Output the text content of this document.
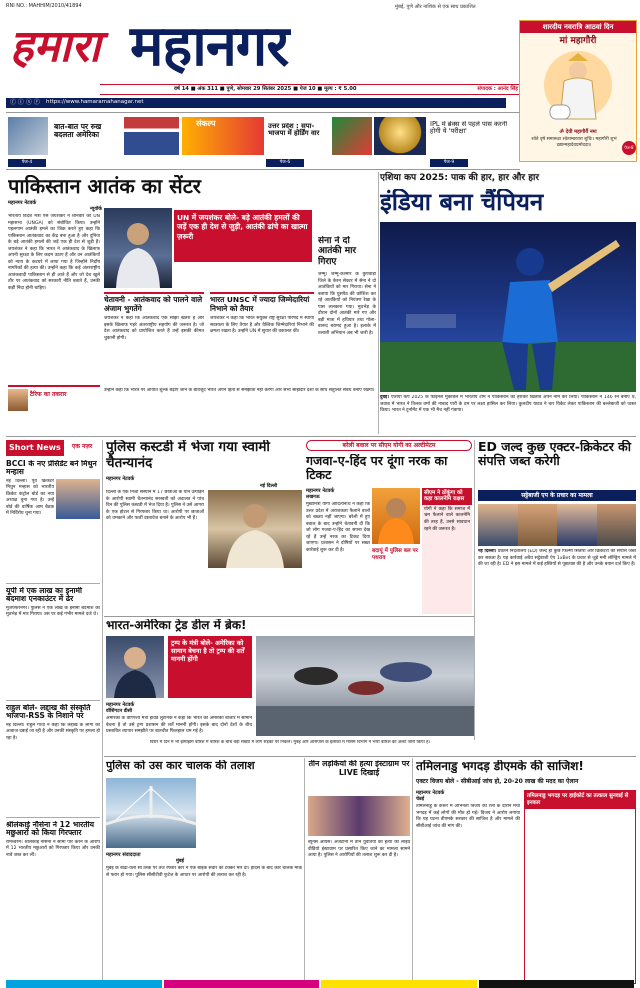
RNI NO.: MAHHIM/2010/41894	मुंबई, पुणे और नाशिक से एक साथ प्रकाशित
हमारा महानगर
वर्ष 14 ■ अंक 311 ■ पुणे, सोमवार 29 सितंबर 2025 ■ पेज 10 ■ मूल्य : ₹ 5.00	संपादक : आनंद सिंह
ⓕ Ⓘ ⓧ ⓨ https://www.hamaramahanagar.net
शारदीय नवरात्रि आठवां दिन
मां महागौरी
ॐ देवी महागौर्यै नमः
श्वेते वृषे समारूढा श्वेताम्बरधरा शुचिः। महागौरी शुभं दद्यान्महादेवप्रमोददा॥	पेज-8
बात-बात पर रुख बदलता अमेरिका
पेज-4
संकल्प	उत्तर प्रदेश : सपा-भाजपा में होर्डिंग वार
पेज-6
IPL में ब्रेक्स से पहले पास करनी होगी ये 'परीक्षा'
पेज-9
पाकिस्तान आतंक का सेंटर
महानगर नेटवर्क
न्यूयॉर्क
भारतीय विदेश मंत्री एस जयशंकर ने शनिवार को UN महासभा (UNGA) को संबोधित किया। उन्होंने पहलगाम आतंकी हमले का जिक्र करते हुए कहा कि पाकिस्तान आतंकवाद का केंद्र बना हुआ है और दुनिया के बड़े आतंकी हमलों की जड़ें एक ही देश से जुड़ी हैं। जयशंकर ने कहा कि भारत ने आतंकवाद के खिलाफ अपनी सुरक्षा के लिए कदम उठाए हैं और उन आतंकियों को न्याय के कटघरे में लाया गया है जिन्होंने निर्दोष नागरिकों की हत्या की। उन्होंने कहा कि कई अंतरराष्ट्रीय आतंकवादी पाकिस्तान से ही आते हैं और जो देश खुले तौर पर आतंकवाद को सरकारी नीति बताते हैं, उनकी कड़ी निंदा होनी चाहिए।
UN में जयशंकर बोले- बड़े आतंकी हमलों की जड़ें एक ही देश से जुड़ी, आतंकी ढांचे का खात्मा ज़रूरी	सेना ने दो आतंकी मार गिराए
जम्मू। जम्मू-कश्मीर के कुपवाड़ा जिले के केरन सेक्टर में सेना ने दो आतंकियों को मार गिराया। सेना ने बताया कि घुसपैठ की कोशिश कर रहे आतंकियों को नियंत्रण रेखा के पास ललकारा गया। मुठभेड़ के दौरान दोनों आतंकी मारे गए और बड़ी मात्रा में हथियार तथा गोला-बारूद बरामद हुआ है। इलाके में तलाशी अभियान अब भी जारी है।
चेतावनी - आतंकवाद को पालने वाले अंजाम भुगतेंगे
जयशंकर ने कहा कि आतंकवाद एक साझा खतरा है और इसके खिलाफ गहरे अंतरराष्ट्रीय सहयोग की जरूरत है। जो देश आतंकवाद को प्रायोजित करते हैं उन्हें इसकी कीमत चुकानी होगी।
भारत UNSC में ज्यादा जिम्मेदारियां निभाने को तैयार
जयशंकर ने कहा कि भारत संयुक्त राष्ट्र सुरक्षा परिषद में स्थायी सदस्यता के लिए तैयार है और वैश्विक जिम्मेदारियां निभाने की क्षमता रखता है। उन्होंने UN में सुधार की वकालत की।
टैरिफ का तकरार
उन्होंने कहा कि भारत पर आयात शुल्क बढ़ाए जाने के बावजूद भारत अपने हितों से समझौता नहीं करेगा और सभी साझेदार देशों के साथ संतुलित संबंध बनाए रखेगा।
एशिया कप 2025: पाक की हार, हार और हार
इंडिया बना चैंपियन
दुबई। एशिया कप 2025 के फाइनल मुकाबले में भारतीय टीम ने पाकिस्तान को हराकर खिताब अपने नाम कर लिया। पाकिस्तान ने 146 रन बनाए थे, जवाब में भारत ने तिलक वर्मा की नाबाद पारी के दम पर लक्ष्य हासिल कर लिया। कुलदीप यादव ने चार विकेट लेकर पाकिस्तान की बल्लेबाजी को ध्वस्त किया। भारत ने टूर्नामेंट में एक भी मैच नहीं गंवाया।
Short News	एक नज़र
BCCI के नए प्रेसिडेंट बने मिथुन मन्हास
नई दिल्ली। पूर्व क्रिकेटर मिथुन मन्हास को भारतीय क्रिकेट कंट्रोल बोर्ड का नया अध्यक्ष चुना गया है। उन्हें बोर्ड की वार्षिक आम बैठक में निर्विरोध चुना गया।
यूपी में एक लाख का इनामी बदमाश एनकाउंटर में ढेर
मुजफ्फरनगर। पुलिस ने एक लाख के इनामी बदमाश को मुठभेड़ में मार गिराया। उस पर कई गंभीर मामले दर्ज थे।
राहुल बोले- लद्दाख की संस्कृति भाजपा-RSS के निशाने पर
नई दिल्ली। राहुल गांधी ने कहा कि लद्दाख के लोगों की आवाज दबाई जा रही है और उनकी संस्कृति पर हमला हो रहा है।
श्रीलंकाई नौसेना ने 12 भारतीय मछुआरों को किया गिरफ्तार
रामेश्वरम। श्रीलंकाई नौसेना ने सीमा पार करने के आरोप में 12 भारतीय मछुआरों को गिरफ्तार किया और उनकी नावें जब्त कर लीं।
पुलिस कस्टडी में भेजा गया स्वामी चैतन्यानंद
महानगर नेटवर्क
नई दिल्ली
दिल्ली के एक निजी संस्थान में 17 छात्राओं के यौन उत्पीड़न के आरोपी स्वामी चैतन्यानंद सरस्वती को अदालत ने पांच दिन की पुलिस कस्टडी में भेज दिया है। पुलिस ने उसे आगरा के एक होटल से गिरफ्तार किया था। आरोपी पर छात्राओं को धमकाने और फर्जी दस्तावेज बनाने के आरोप भी हैं।
बरेली बवाल पर सीएम योगी का अल्टीमेटम
गजवा-ए-हिंद पर दूंगा नरक का टिकट
महानगर नेटवर्क
लखनऊ
मुख्यमंत्री योगी आदित्यनाथ ने कहा कि उत्तर प्रदेश में अराजकता फैलाने वालों को बख्शा नहीं जाएगा। बरेली में हुए बवाल के बाद उन्होंने चेतावनी दी कि जो लोग गजवा-ए-हिंद का सपना देख रहे हैं उन्हें नरक का टिकट दिया जाएगा। प्रशासन ने दोषियों पर सख्त कार्रवाई शुरू कर दी है।
सीएम ने ठोंकूंगा को कहा कालनेमि राक्षस
योगी ने कहा कि समाज में भ्रम फैलाने वाले कालनेमि की तरह हैं, उनसे सावधान रहने की जरूरत है।
बदायूं में पुलिस बल पर पथराव
ED जल्द कुछ एक्टर-क्रिकेटर की संपत्ति जब्त करेगी
सट्टेबाजी एप के प्रचार का मामला
नई दिल्ली। प्रवर्तन निदेशालय (ED) जल्द ही कुछ फिल्मी सितारों और क्रिकेटरों की संपत्ति जब्त कर सकता है। यह कार्रवाई अवैध सट्टेबाजी ऐप 1xBet के प्रचार से जुड़े मनी लॉन्ड्रिंग मामले में की जा रही है। ED ने इस मामले में कई हस्तियों से पूछताछ की है और उनके बयान दर्ज किए हैं।
भारत-अमेरिका ट्रेड डील में ब्रेक!
ट्रम्प के मंत्री बोले- अमेरिका को सामान बेचना है तो ट्रम्प की शर्तें माननी होंगी
महानगर नेटवर्क
वॉशिंगटन डीसी
अमेरिका के वाणिज्य मंत्री हॉवर्ड लुटनिक ने कहा कि भारत को अमेरिकी बाजार में सामान बेचना है तो उसे ट्रम्प प्रशासन की शर्तें माननी होंगी। इसके बाद दोनों देशों के बीच प्रस्तावित व्यापार समझौते पर बातचीत फिलहाल थम गई है।
विरार में दिन में भी झमाझम बारिश में बारिश के बीच बड़ी संख्या में लोग सड़कों पर निकले। मुंबई और आसपास के इलाकों में मौसम विभाग ने भारी बारिश का अलर्ट जारी किया है।
पुलिस को उस कार चालक की तलाश
महानगर संवाददाता
मुंबई
मुंबई के बांद्रा-वर्ली सी लिंक पर तेज रफ्तार कार ने एक बाइक सवार को टक्कर मार दी। हादसे के बाद कार चालक मौके से फरार हो गया। पुलिस सीसीटीवी फुटेज के आधार पर आरोपी की तलाश कर रही है।
तीन लड़कियों की हत्या इंस्टाग्राम पर LIVE दिखाई
ब्यूनस आयर्स। अर्जेंटीना में तीन युवतियों की हत्या का लाइव वीडियो इंस्टाग्राम पर प्रसारित किए जाने का मामला सामने आया है। पुलिस ने आरोपियों की तलाश शुरू कर दी है।
तमिलनाडु भगदड़ डीएमके की साजिश!
एक्टर विजय बोले - सीबीआई जांच हो, 20-20 लाख की मदद का ऐलान
महानगर नेटवर्क
चेन्नई
तमिलनाडु के करूर में अभिनेता विजय की रैली के दौरान मची भगदड़ में कई लोगों की मौत हो गई। विजय ने आरोप लगाया कि यह घटना डीएमके सरकार की साजिश है और मामले की सीबीआई जांच की मांग की।
तमिलनाडु भगदड़ पर हाईकोर्ट का तत्काल सुनवाई से इनकार
